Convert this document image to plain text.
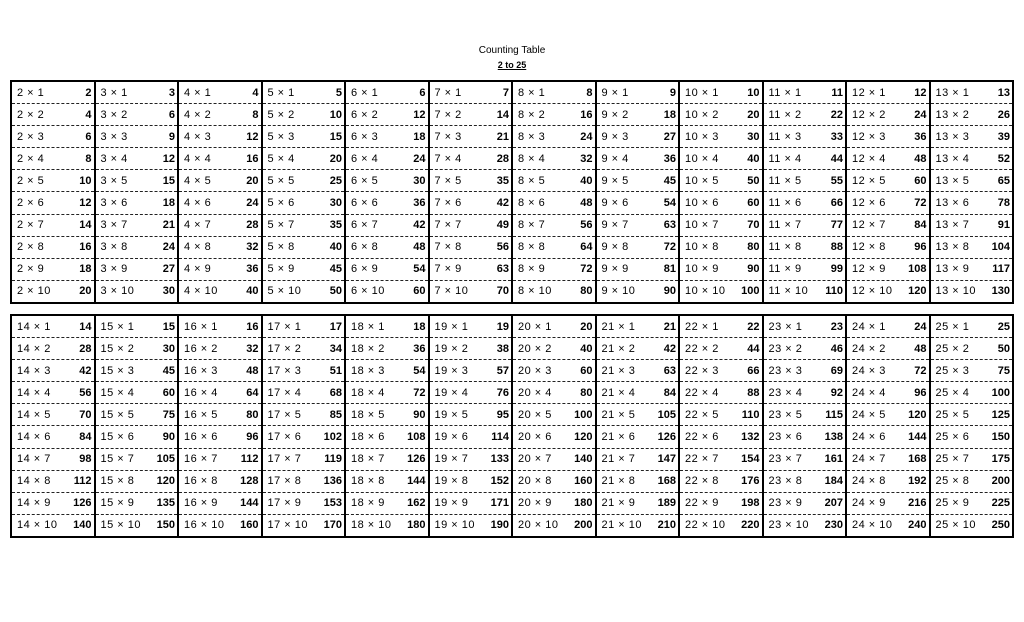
Counting Table
2 to 25
2 × 1	2
2 × 2	4
2 × 3	6
2 × 4	8
2 × 5	10
2 × 6	12
2 × 7	14
2 × 8	16
2 × 9	18
2 × 10	20
3 × 1	3
3 × 2	6
3 × 3	9
3 × 4	12
3 × 5	15
3 × 6	18
3 × 7	21
3 × 8	24
3 × 9	27
3 × 10	30
4 × 1	4
4 × 2	8
4 × 3	12
4 × 4	16
4 × 5	20
4 × 6	24
4 × 7	28
4 × 8	32
4 × 9	36
4 × 10	40
5 × 1	5
5 × 2	10
5 × 3	15
5 × 4	20
5 × 5	25
5 × 6	30
5 × 7	35
5 × 8	40
5 × 9	45
5 × 10	50
6 × 1	6
6 × 2	12
6 × 3	18
6 × 4	24
6 × 5	30
6 × 6	36
6 × 7	42
6 × 8	48
6 × 9	54
6 × 10	60
7 × 1	7
7 × 2	14
7 × 3	21
7 × 4	28
7 × 5	35
7 × 6	42
7 × 7	49
7 × 8	56
7 × 9	63
7 × 10	70
8 × 1	8
8 × 2	16
8 × 3	24
8 × 4	32
8 × 5	40
8 × 6	48
8 × 7	56
8 × 8	64
8 × 9	72
8 × 10	80
9 × 1	9
9 × 2	18
9 × 3	27
9 × 4	36
9 × 5	45
9 × 6	54
9 × 7	63
9 × 8	72
9 × 9	81
9 × 10	90
10 × 1	10
10 × 2	20
10 × 3	30
10 × 4	40
10 × 5	50
10 × 6	60
10 × 7	70
10 × 8	80
10 × 9	90
10 × 10	100
11 × 1	11
11 × 2	22
11 × 3	33
11 × 4	44
11 × 5	55
11 × 6	66
11 × 7	77
11 × 8	88
11 × 9	99
11 × 10	110
12 × 1	12
12 × 2	24
12 × 3	36
12 × 4	48
12 × 5	60
12 × 6	72
12 × 7	84
12 × 8	96
12 × 9	108
12 × 10	120
13 × 1	13
13 × 2	26
13 × 3	39
13 × 4	52
13 × 5	65
13 × 6	78
13 × 7	91
13 × 8	104
13 × 9	117
13 × 10	130
14 × 1	14
14 × 2	28
14 × 3	42
14 × 4	56
14 × 5	70
14 × 6	84
14 × 7	98
14 × 8	112
14 × 9	126
14 × 10	140
15 × 1	15
15 × 2	30
15 × 3	45
15 × 4	60
15 × 5	75
15 × 6	90
15 × 7	105
15 × 8	120
15 × 9	135
15 × 10	150
16 × 1	16
16 × 2	32
16 × 3	48
16 × 4	64
16 × 5	80
16 × 6	96
16 × 7	112
16 × 8	128
16 × 9	144
16 × 10	160
17 × 1	17
17 × 2	34
17 × 3	51
17 × 4	68
17 × 5	85
17 × 6	102
17 × 7	119
17 × 8	136
17 × 9	153
17 × 10	170
18 × 1	18
18 × 2	36
18 × 3	54
18 × 4	72
18 × 5	90
18 × 6	108
18 × 7	126
18 × 8	144
18 × 9	162
18 × 10	180
19 × 1	19
19 × 2	38
19 × 3	57
19 × 4	76
19 × 5	95
19 × 6	114
19 × 7	133
19 × 8	152
19 × 9	171
19 × 10	190
20 × 1	20
20 × 2	40
20 × 3	60
20 × 4	80
20 × 5	100
20 × 6	120
20 × 7	140
20 × 8	160
20 × 9	180
20 × 10	200
21 × 1	21
21 × 2	42
21 × 3	63
21 × 4	84
21 × 5	105
21 × 6	126
21 × 7	147
21 × 8	168
21 × 9	189
21 × 10	210
22 × 1	22
22 × 2	44
22 × 3	66
22 × 4	88
22 × 5	110
22 × 6	132
22 × 7	154
22 × 8	176
22 × 9	198
22 × 10	220
23 × 1	23
23 × 2	46
23 × 3	69
23 × 4	92
23 × 5	115
23 × 6	138
23 × 7	161
23 × 8	184
23 × 9	207
23 × 10	230
24 × 1	24
24 × 2	48
24 × 3	72
24 × 4	96
24 × 5	120
24 × 6	144
24 × 7	168
24 × 8	192
24 × 9	216
24 × 10	240
25 × 1	25
25 × 2	50
25 × 3	75
25 × 4	100
25 × 5	125
25 × 6	150
25 × 7	175
25 × 8	200
25 × 9	225
25 × 10	250
